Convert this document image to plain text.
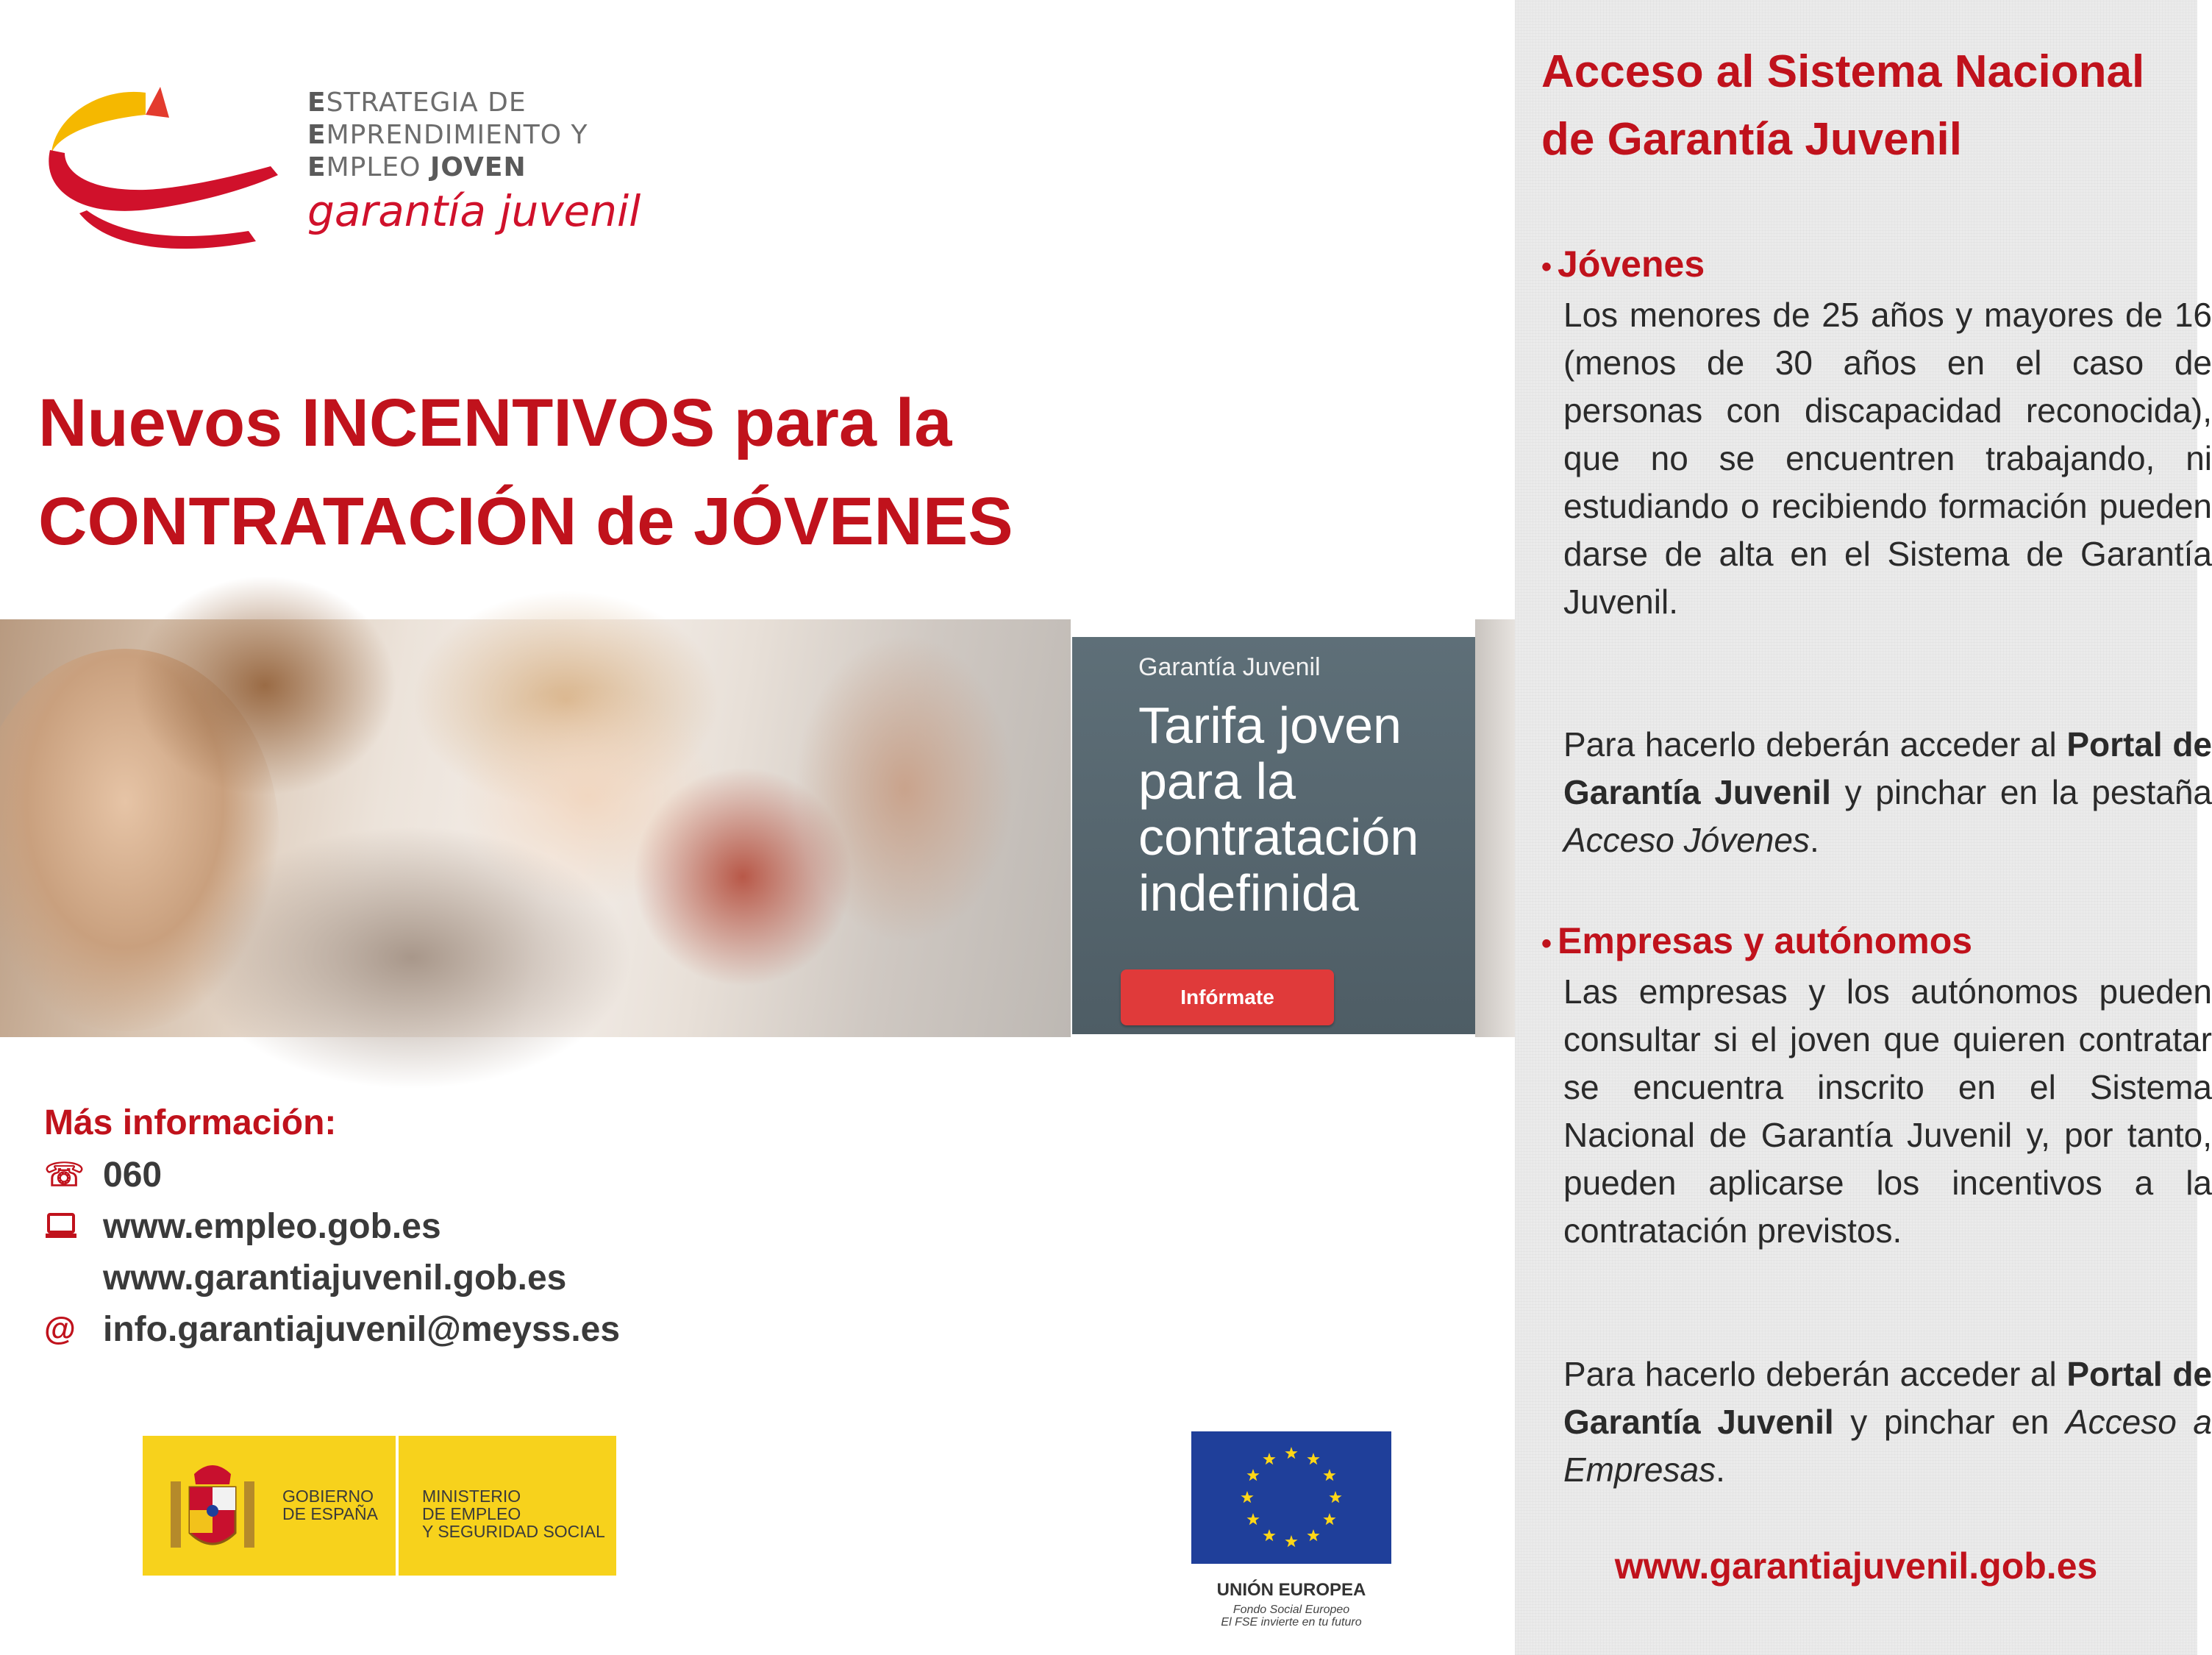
ESTRATEGIA DE
EMPRENDIMIENTO Y
EMPLEO JOVEN
garantía juvenil
Nuevos INCENTIVOS para la
CONTRATACIÓN de JÓVENES
Garantía Juvenil
Tarifa joven para la contratación indefinida
Infórmate
Más información:
☏ 060
www.empleo.gob.es
www.garantiajuvenil.gob.es
@ info.garantiajuvenil@meyss.es
GOBIERNO
DE ESPAÑA
MINISTERIO
DE EMPLEO
Y SEGURIDAD SOCIAL
UNIÓN EUROPEA
Fondo Social Europeo
El FSE invierte en tu futuro
Acceso al Sistema Nacional de Garantía Juvenil
• Jóvenes

Los menores de 25 años y mayores de 16 (menos de 30 años en el caso de personas con discapacidad reconocida), que no se encuentren trabajando, ni estudiando o recibiendo formación pueden darse de alta en el Sistema de Garantía Juvenil.

Para hacerlo deberán acceder al Portal de Garantía Juvenil y pinchar en la pestaña Acceso Jóvenes.

• Empresas y autónomos

Las empresas y los autónomos pueden consultar si el joven que quieren contratar se encuentra inscrito en el Sistema Nacional de Garantía Juvenil y, por tanto, pueden aplicarse los incentivos a la contratación previstos.

Para hacerlo deberán acceder al Portal de Garantía Juvenil y pinchar en Acceso a Empresas.

www.garantiajuvenil.gob.es
